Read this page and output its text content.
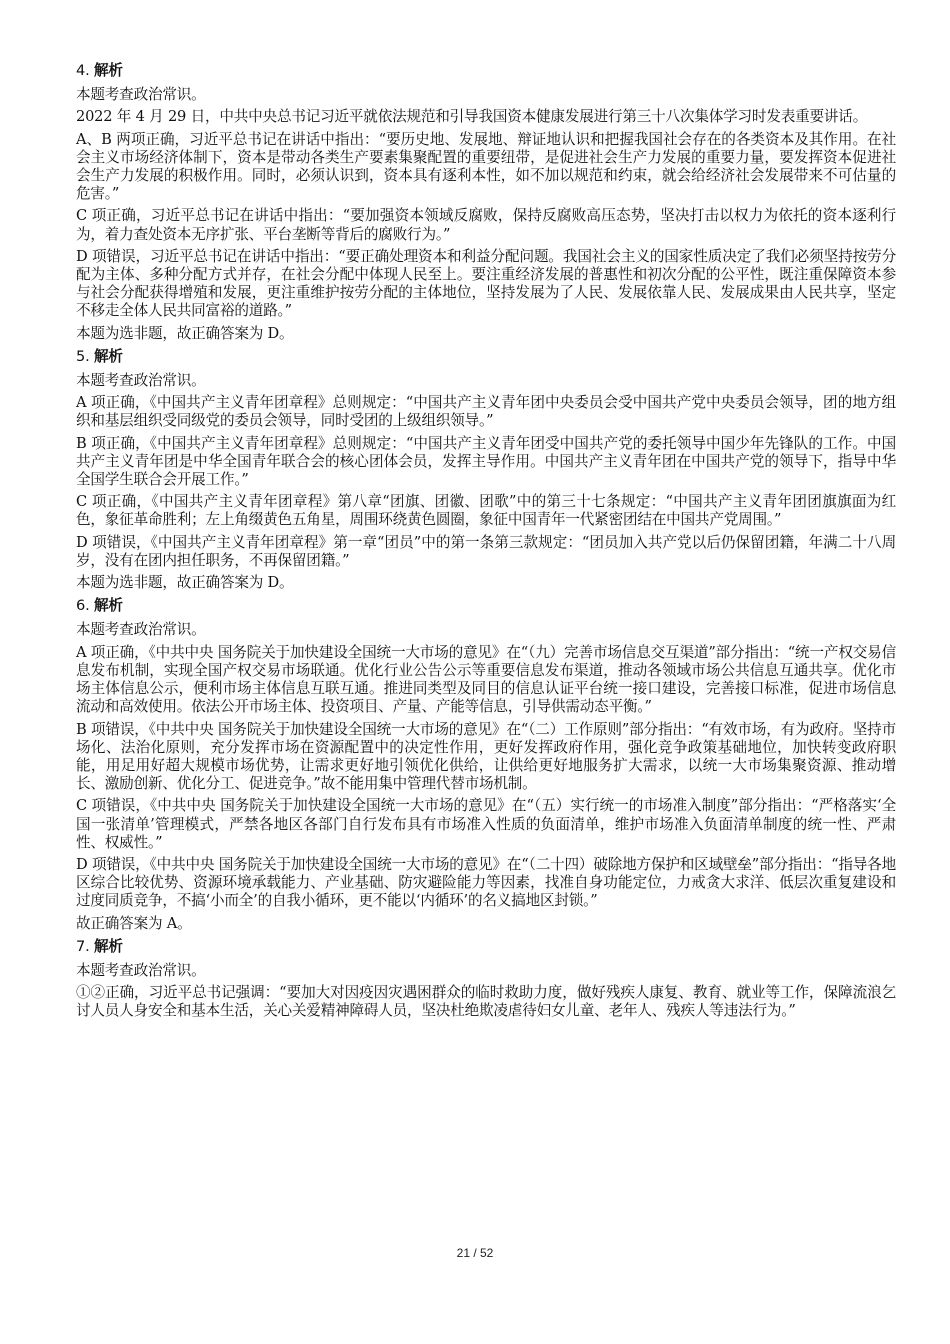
4. 解析
本题考查政治常识。
2022 年 4 月 29 日，中共中央总书记习近平就依法规范和引导我国资本健康发展进行第三十八次集体学习时发表重要讲话。
A、B 两项正确，习近平总书记在讲话中指出：“要历史地、发展地、辩证地认识和把握我国社会存在的各类资本及其作用。在社会主义市场经济体制下，资本是带动各类生产要素集聚配置的重要纽带，是促进社会生产力发展的重要力量，要发挥资本促进社会生产力发展的积极作用。同时，必须认识到，资本具有逐利本性，如不加以规范和约束，就会给经济社会发展带来不可估量的危害。”
C 项正确，习近平总书记在讲话中指出：“要加强资本领域反腐败，保持反腐败高压态势，坚决打击以权力为依托的资本逐利行为，着力查处资本无序扩张、平台垄断等背后的腐败行为。”
D 项错误，习近平总书记在讲话中指出：“要正确处理资本和利益分配问题。我国社会主义的国家性质决定了我们必须坚持按劳分配为主体、多种分配方式并存，在社会分配中体现人民至上。要注重经济发展的普惠性和初次分配的公平性，既注重保障资本参与社会分配获得增殖和发展，更注重维护按劳分配的主体地位，坚持发展为了人民、发展依靠人民、发展成果由人民共享，坚定不移走全体人民共同富裕的道路。”
本题为选非题，故正确答案为 D。
5. 解析
本题考查政治常识。
A 项正确，《中国共产主义青年团章程》总则规定：“中国共产主义青年团中央委员会受中国共产党中央委员会领导，团的地方组织和基层组织受同级党的委员会领导，同时受团的上级组织领导。”
B 项正确，《中国共产主义青年团章程》总则规定：“中国共产主义青年团受中国共产党的委托领导中国少年先锋队的工作。中国共产主义青年团是中华全国青年联合会的核心团体会员，发挥主导作用。中国共产主义青年团在中国共产党的领导下，指导中华全国学生联合会开展工作。”
C 项正确，《中国共产主义青年团章程》第八章“团旗、团徽、团歌”中的第三十七条规定：“中国共产主义青年团团旗旗面为红色，象征革命胜利；左上角缀黄色五角星，周围环绕黄色圆圈，象征中国青年一代紧密团结在中国共产党周围。”
D 项错误，《中国共产主义青年团章程》第一章“团员”中的第一条第三款规定：“团员加入共产党以后仍保留团籍，年满二十八周岁，没有在团内担任职务，不再保留团籍。”
本题为选非题，故正确答案为 D。
6. 解析
本题考查政治常识。
A 项正确，《中共中央 国务院关于加快建设全国统一大市场的意见》在“（九）完善市场信息交互渠道”部分指出：“统一产权交易信息发布机制，实现全国产权交易市场联通。优化行业公告公示等重要信息发布渠道，推动各领域市场公共信息互通共享。优化市场主体信息公示，便利市场主体信息互联互通。推进同类型及同目的信息认证平台统一接口建设，完善接口标准，促进市场信息流动和高效使用。依法公开市场主体、投资项目、产量、产能等信息，引导供需动态平衡。”
B 项错误，《中共中央 国务院关于加快建设全国统一大市场的意见》在“（二）工作原则”部分指出：“有效市场，有为政府。坚持市场化、法治化原则，充分发挥市场在资源配置中的决定性作用，更好发挥政府作用，强化竞争政策基础地位，加快转变政府职能，用足用好超大规模市场优势，让需求更好地引领优化供给，让供给更好地服务扩大需求，以统一大市场集聚资源、推动增长、激励创新、优化分工、促进竞争。”故不能用集中管理代替市场机制。
C 项错误，《中共中央 国务院关于加快建设全国统一大市场的意见》在“（五）实行统一的市场准入制度”部分指出：“严格落实‘全国一张清单’管理模式，严禁各地区各部门自行发布具有市场准入性质的负面清单，维护市场准入负面清单制度的统一性、严肃性、权威性。”
D 项错误，《中共中央 国务院关于加快建设全国统一大市场的意见》在“（二十四）破除地方保护和区域壁垒”部分指出：“指导各地区综合比较优势、资源环境承载能力、产业基础、防灾避险能力等因素，找准自身功能定位，力戒贪大求洋、低层次重复建设和过度同质竞争，不搞‘小而全’的自我小循环，更不能以‘内循环’的名义搞地区封锁。”
故正确答案为 A。
7. 解析
本题考查政治常识。
①②正确，习近平总书记强调：“要加大对因疫因灾遇困群众的临时救助力度，做好残疾人康复、教育、就业等工作，保障流浪乞讨人员人身安全和基本生活，关心关爱精神障碍人员，坚决杜绝欺凌虐待妇女儿童、老年人、残疾人等违法行为。”
21 / 52
